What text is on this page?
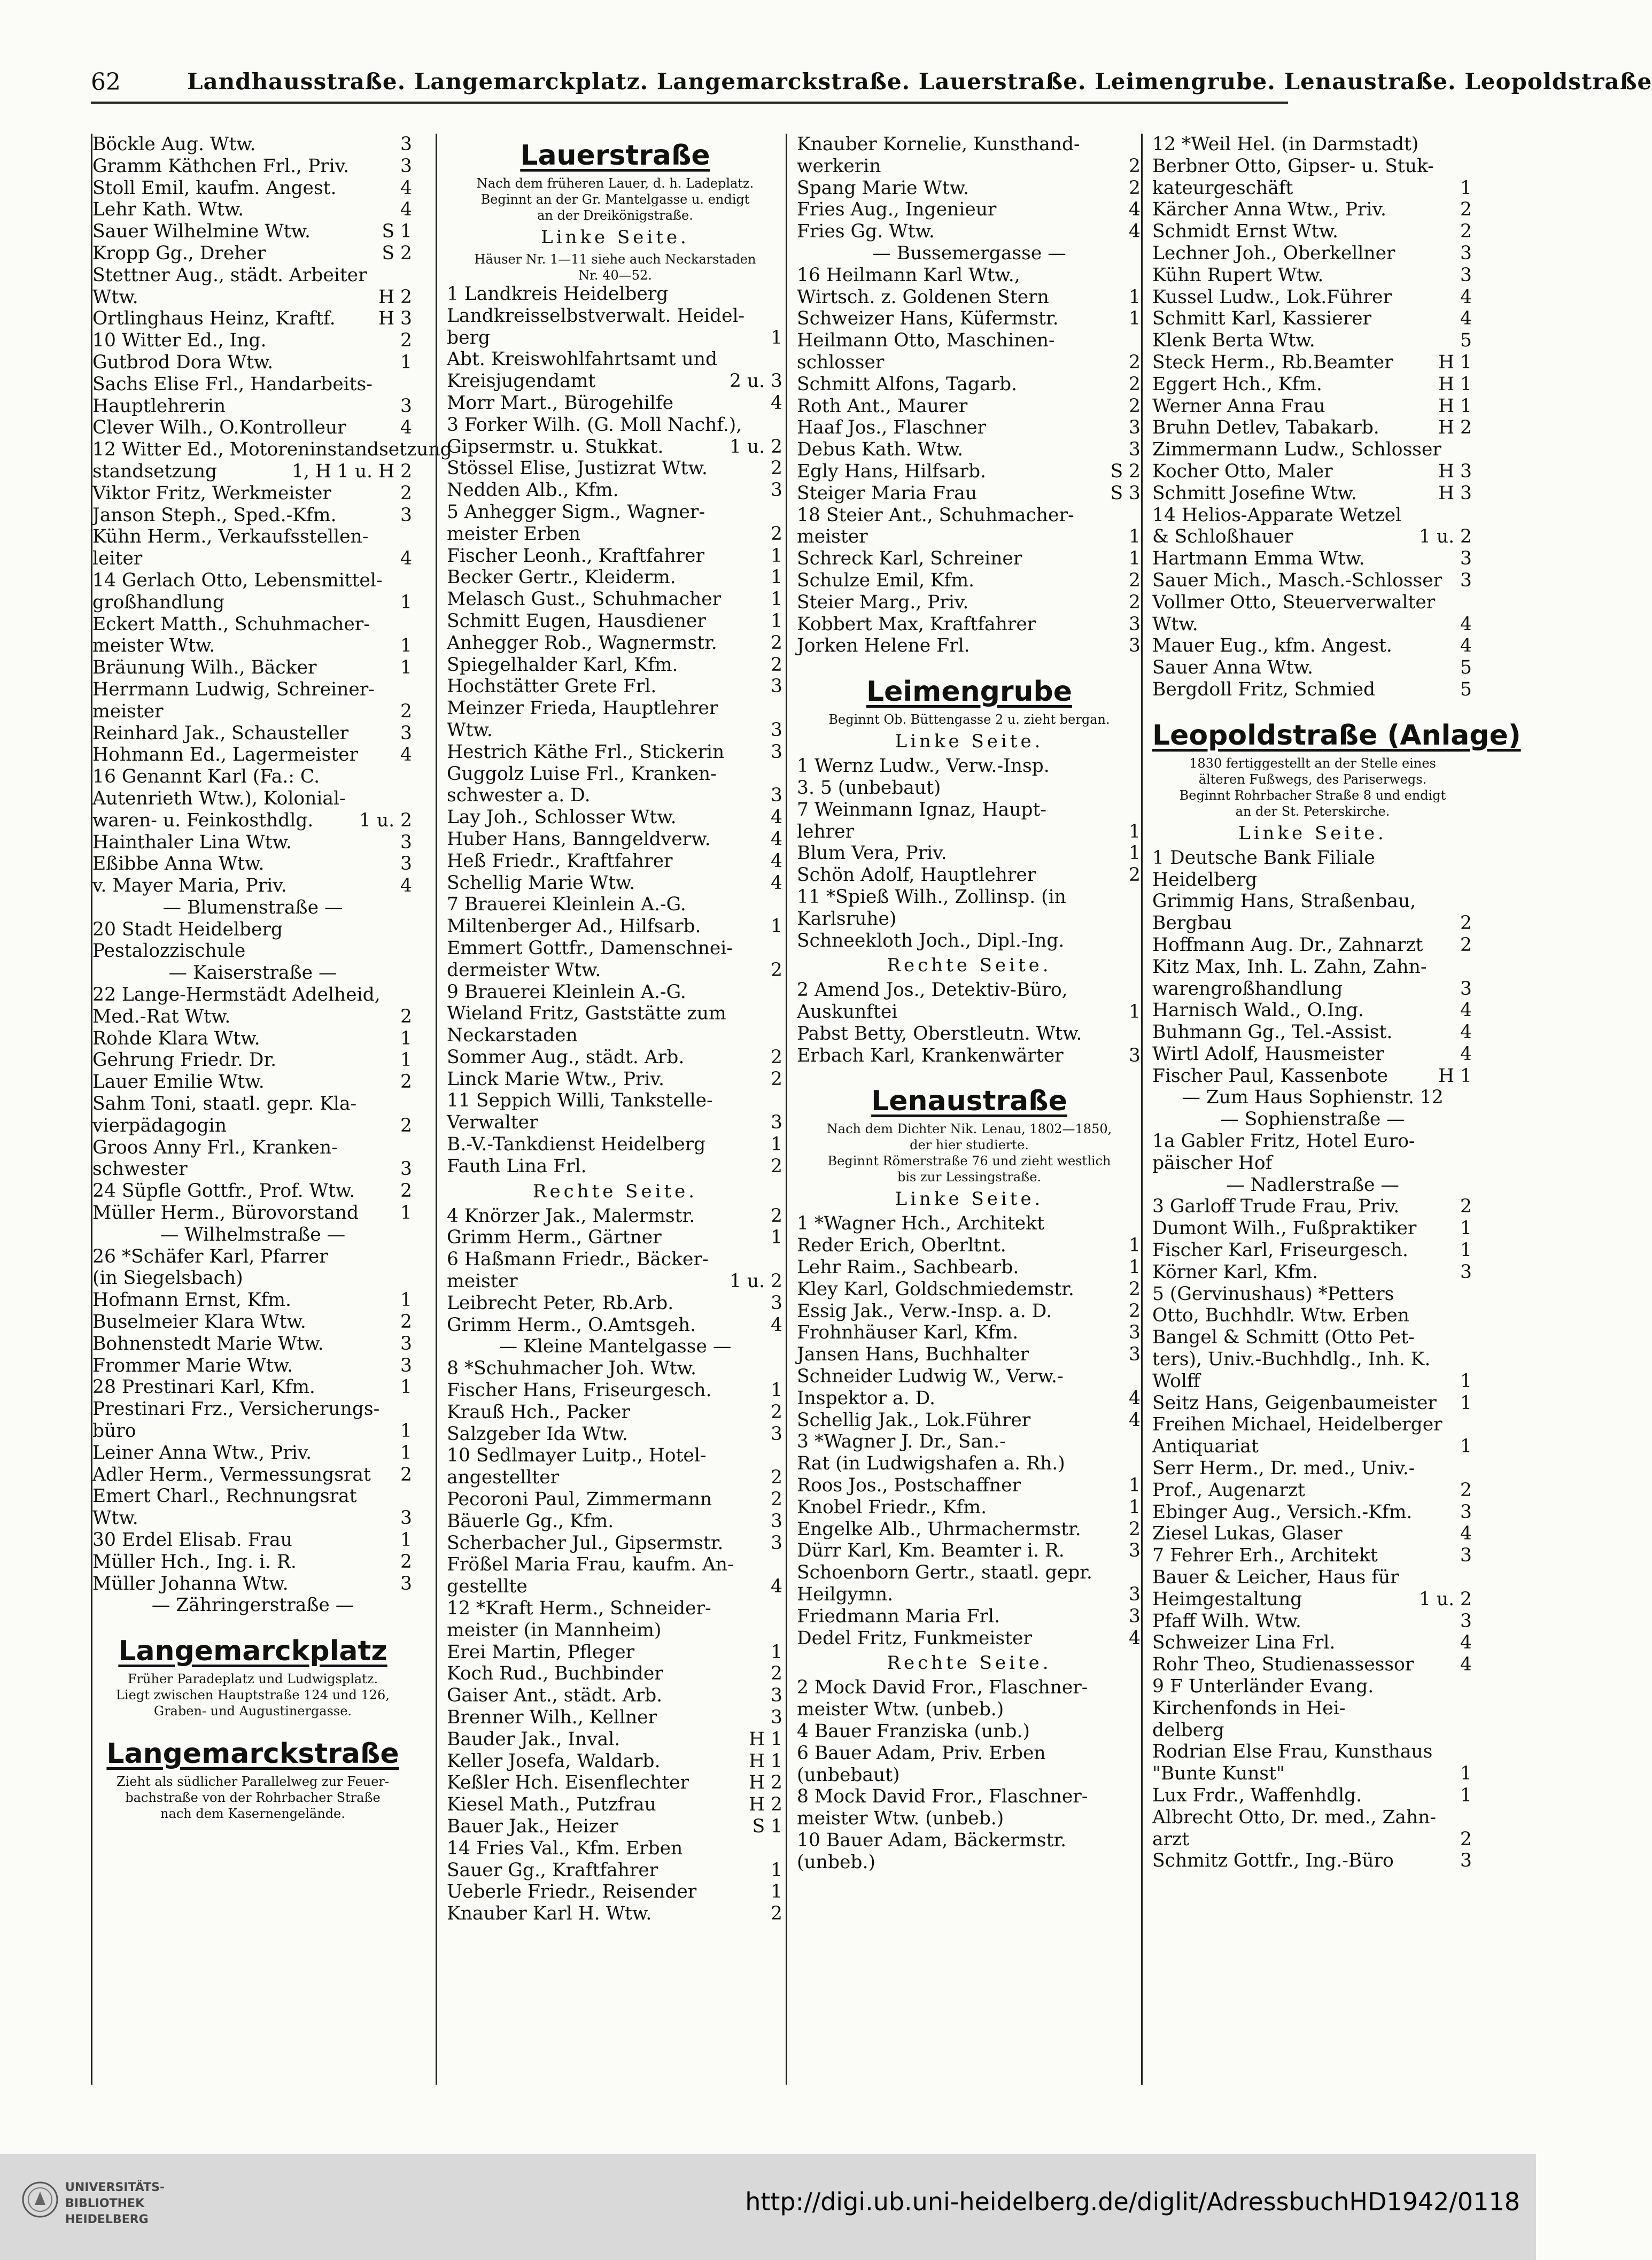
62	Landhausstraße. Langemarckplatz. Langemarckstraße. Lauerstraße. Leimengrube. Lenaustraße. Leopoldstraße
Böckle Aug. Wtw.	3
Gramm Käthchen Frl., Priv.	3
Stoll Emil, kaufm. Angest.	4
Lehr Kath. Wtw.	4
Sauer Wilhelmine Wtw.	S 1
Kropp Gg., Dreher	S 2
Stettner Aug., städt. Arbeiter
Wtw.	H 2
Ortlinghaus Heinz, Kraftf. H 3
10 Witter Ed., Ing.	2
Gutbrod Dora Wtw.	1
Sachs Elise Frl., Handarbeits-
Hauptlehrerin	3
Clever Wilh., O.Kontrolleur	4
12 Witter Ed., Motoreninstandsetzung
standsetzung	1, H 1 u. H 2
Viktor Fritz, Werkmeister	2
Janson Steph., Sped.-Kfm.	3
Kühn Herm., Verkaufsstellen-
leiter	4
14 Gerlach Otto, Lebensmittel-
großhandlung	1
Eckert Matth., Schuhmacher-
meister Wtw.	1
Bräunung Wilh., Bäcker	1
Herrmann Ludwig, Schreiner-
meister	2
Reinhard Jak., Schausteller	3
Hohmann Ed., Lagermeister 4
16 Genannt Karl (Fa.: C.
Autenrieth Wtw.), Kolonial-
waren- u. Feinkosthdlg. 1 u. 2
Hainthaler Lina Wtw.	3
Eßibbe Anna Wtw.	3
v. Mayer Maria, Priv.	4
— Blumenstraße —
20 Stadt Heidelberg
Pestalozzischule
— Kaiserstraße —
22 Lange-Hermstädt Adelheid,
Med.-Rat Wtw.	2
Rohde Klara Wtw.	1
Gehrung Friedr. Dr.	1
Lauer Emilie Wtw.	2
Sahm Toni, staatl. gepr. Kla-
vierpädagogin	2
Groos Anny Frl., Kranken-
schwester	3
24 Süpfle Gottfr., Prof. Wtw. 2
Müller Herm., Bürovorstand 1
— Wilhelmstraße —
26 *Schäfer Karl, Pfarrer
(in Siegelsbach)
Hofmann Ernst, Kfm.	1
Buselmeier Klara Wtw.	2
Bohnenstedt Marie Wtw.	3
Frommer Marie Wtw.	3
28 Prestinari Karl, Kfm.	1
Prestinari Frz., Versicherungs-
büro	1
Leiner Anna Wtw., Priv.	1
Adler Herm., Vermessungsrat 2
Emert Charl., Rechnungsrat
Wtw.	3
30 Erdel Elisab. Frau	1
Müller Hch., Ing. i. R.	2
Müller Johanna Wtw.	3
— Zähringerstraße —
Langemarckplatz
Früher Paradeplatz und Ludwigsplatz.
Liegt zwischen Hauptstraße 124 und 126,
Graben- und Augustinergasse.
Langemarckstraße
Zieht als südlicher Parallelweg zur Feuer-
bachstraße von der Rohrbacher Straße
nach dem Kasernengelände.
Lauerstraße
Nach dem früheren Lauer, d. h. Ladeplatz.
Beginnt an der Gr. Mantelgasse u. endigt
an der Dreikönigstraße.
Linke Seite.
Häuser Nr. 1—11 siehe auch Neckarstaden
Nr. 40—52.
1 Landkreis Heidelberg
Landkreisselbstverwalt. Heidel-
berg	1
Abt. Kreiswohlfahrtsamt und
Kreisjugendamt	2 u. 3
Morr Mart., Bürogehilfe	4
3 Forker Wilh. (G. Moll Nachf.),
Gipsermstr. u. Stukkat.	1 u. 2
Stössel Elise, Justizrat Wtw.	2
Nedden Alb., Kfm.	3
5 Anhegger Sigm., Wagner-
meister Erben	2
Fischer Leonh., Kraftfahrer	1
Becker Gertr., Kleiderm.	1
Melasch Gust., Schuhmacher	1
Schmitt Eugen, Hausdiener	1
Anhegger Rob., Wagnermstr.	2
Spiegelhalder Karl, Kfm.	2
Hochstätter Grete Frl.	3
Meinzer Frieda, Hauptlehrer
Wtw.	3
Hestrich Käthe Frl., Stickerin	3
Guggolz Luise Frl., Kranken-
schwester a. D.	3
Lay Joh., Schlosser Wtw.	4
Huber Hans, Banngeldverw.	4
Heß Friedr., Kraftfahrer	4
Schellig Marie Wtw.	4
7 Brauerei Kleinlein A.-G.
Miltenberger Ad., Hilfsarb.	1
Emmert Gottfr., Damenschnei-
dermeister Wtw.	2
9 Brauerei Kleinlein A.-G.
Wieland Fritz, Gaststätte zum
Neckarstaden
Sommer Aug., städt. Arb.	2
Linck Marie Wtw., Priv.	2
11 Seppich Willi, Tankstelle-
Verwalter	3
B.-V.-Tankdienst Heidelberg	1
Fauth Lina Frl.	2
Rechte Seite.
4 Knörzer Jak., Malermstr.	2
Grimm Herm., Gärtner	1
6 Haßmann Friedr., Bäcker-
meister	1 u. 2
Leibrecht Peter, Rb.Arb.	3
Grimm Herm., O.Amtsgeh.	4
— Kleine Mantelgasse —
8 *Schuhmacher Joh. Wtw.
Fischer Hans, Friseurgesch.	1
Krauß Hch., Packer	2
Salzgeber Ida Wtw.	3
10 Sedlmayer Luitp., Hotel-
angestellter	2
Pecoroni Paul, Zimmermann	2
Bäuerle Gg., Kfm.	3
Scherbacher Jul., Gipsermstr.	3
Frößel Maria Frau, kaufm. An-
gestellte	4
12 *Kraft Herm., Schneider-
meister (in Mannheim)
Erei Martin, Pfleger	1
Koch Rud., Buchbinder	2
Gaiser Ant., städt. Arb.	3
Brenner Wilh., Kellner	3
Bauder Jak., Inval.	H 1
Keller Josefa, Waldarb.	H 1
Keßler Hch. Eisenflechter	H 2
Kiesel Math., Putzfrau	H 2
Bauer Jak., Heizer	S 1
14 Fries Val., Kfm. Erben
Sauer Gg., Kraftfahrer	1
Ueberle Friedr., Reisender	1
Knauber Karl H. Wtw.	2
Knauber Kornelie, Kunsthand-
werkerin	2
Spang Marie Wtw.	2
Fries Aug., Ingenieur	4
Fries Gg. Wtw.	4
— Bussemergasse —
16 Heilmann Karl Wtw.,
Wirtsch. z. Goldenen Stern	1
Schweizer Hans, Küfermstr.	1
Heilmann Otto, Maschinen-
schlosser	2
Schmitt Alfons, Tagarb.	2
Roth Ant., Maurer	2
Haaf Jos., Flaschner	3
Debus Kath. Wtw.	3
Egly Hans, Hilfsarb.	S 2
Steiger Maria Frau	S 3
18 Steier Ant., Schuhmacher-
meister	1
Schreck Karl, Schreiner	1
Schulze Emil, Kfm.	2
Steier Marg., Priv.	2
Kobbert Max, Kraftfahrer	3
Jorken Helene Frl.	3
Leimengrube
Beginnt Ob. Büttengasse 2 u. zieht bergan.
Linke Seite.
1 Wernz Ludw., Verw.-Insp.
3. 5 (unbebaut)
7 Weinmann Ignaz, Haupt-
lehrer	1
Blum Vera, Priv.	1
Schön Adolf, Hauptlehrer	2
11 *Spieß Wilh., Zollinsp. (in
Karlsruhe)
Schneekloth Joch., Dipl.-Ing.
Rechte Seite.
2 Amend Jos., Detektiv-Büro,
Auskunftei	1
Pabst Betty, Oberstleutn. Wtw.
Erbach Karl, Krankenwärter	3
Lenaustraße
Nach dem Dichter Nik. Lenau, 1802—1850,
der hier studierte.
Beginnt Römerstraße 76 und zieht westlich
bis zur Lessingstraße.
Linke Seite.
1 *Wagner Hch., Architekt
Reder Erich, Oberltnt.	1
Lehr Raim., Sachbearb.	1
Kley Karl, Goldschmiedemstr.	2
Essig Jak., Verw.-Insp. a. D.	2
Frohnhäuser Karl, Kfm.	3
Jansen Hans, Buchhalter	3
Schneider Ludwig W., Verw.-
Inspektor a. D.	4
Schellig Jak., Lok.Führer	4
3 *Wagner J. Dr., San.-
Rat (in Ludwigshafen a. Rh.)
Roos Jos., Postschaffner	1
Knobel Friedr., Kfm.	1
Engelke Alb., Uhrmachermstr.	2
Dürr Karl, Km. Beamter i. R.	3
Schoenborn Gertr., staatl. gepr.
Heilgymn.	3
Friedmann Maria Frl.	3
Dedel Fritz, Funkmeister	4
Rechte Seite.
2 Mock David Fror., Flaschner-
meister Wtw. (unbeb.)
4 Bauer Franziska (unb.)
6 Bauer Adam, Priv. Erben
(unbebaut)
8 Mock David Fror., Flaschner-
meister Wtw. (unbeb.)
10 Bauer Adam, Bäckermstr.
(unbeb.)
12 *Weil Hel. (in Darmstadt)
Berbner Otto, Gipser- u. Stuk-
kateurgeschäft	1
Kärcher Anna Wtw., Priv.	2
Schmidt Ernst Wtw.	2
Lechner Joh., Oberkellner	3
Kühn Rupert Wtw.	3
Kussel Ludw., Lok.Führer	4
Schmitt Karl, Kassierer	4
Klenk Berta Wtw.	5
Steck Herm., Rb.Beamter H 1
Eggert Hch., Kfm.	H 1
Werner Anna Frau	H 1
Bruhn Detlev, Tabakarb.	H 2
Zimmermann Ludw., Schlosser
Kocher Otto, Maler	H 3
Schmitt Josefine Wtw.	H 3
14 Helios-Apparate Wetzel
& Schloßhauer	1 u. 2
Hartmann Emma Wtw.	3
Sauer Mich., Masch.-Schlosser 3
Vollmer Otto, Steuerverwalter
Wtw.	4
Mauer Eug., kfm. Angest.	4
Sauer Anna Wtw.	5
Bergdoll Fritz, Schmied	5
Leopoldstraße (Anlage)
1830 fertiggestellt an der Stelle eines
älteren Fußwegs, des Pariserwegs.
Beginnt Rohrbacher Straße 8 und endigt
an der St. Peterskirche.
Linke Seite.
1 Deutsche Bank Filiale
Heidelberg
Grimmig Hans, Straßenbau,
Bergbau	2
Hoffmann Aug. Dr., Zahnarzt 2
Kitz Max, Inh. L. Zahn, Zahn-
warengroßhandlung	3
Harnisch Wald., O.Ing.	4
Buhmann Gg., Tel.-Assist.	4
Wirtl Adolf, Hausmeister	4
Fischer Paul, Kassenbote	H 1
— Zum Haus Sophienstr. 12
— Sophienstraße —
1a Gabler Fritz, Hotel Euro-
päischer Hof
— Nadlerstraße —
3 Garloff Trude Frau, Priv.	2
Dumont Wilh., Fußpraktiker 1
Fischer Karl, Friseurgesch.	1
Körner Karl, Kfm.	3
5 (Gervinushaus) *Petters
Otto, Buchhdlr. Wtw. Erben
Bangel & Schmitt (Otto Pet-
ters), Univ.-Buchhdlg., Inh. K.
Wolff	1
Seitz Hans, Geigenbaumeister 1
Freihen Michael, Heidelberger
Antiquariat	1
Serr Herm., Dr. med., Univ.-
Prof., Augenarzt	2
Ebinger Aug., Versich.-Kfm.	3
Ziesel Lukas, Glaser	4
7 Fehrer Erh., Architekt	3
Bauer & Leicher, Haus für
Heimgestaltung	1 u. 2
Pfaff Wilh. Wtw.	3
Schweizer Lina Frl.	4
Rohr Theo, Studienassessor	4
9 F Unterländer Evang.
Kirchenfonds in Hei-
delberg
Rodrian Else Frau, Kunsthaus
"Bunte Kunst"	1
Lux Frdr., Waffenhdlg.	1
Albrecht Otto, Dr. med., Zahn-
arzt	2
Schmitz Gottfr., Ing.-Büro	3
UNIVERSITÄTS-
BIBLIOTHEK
HEIDELBERG
http://digi.ub.uni-heidelberg.de/diglit/AdressbuchHD1942/0118
